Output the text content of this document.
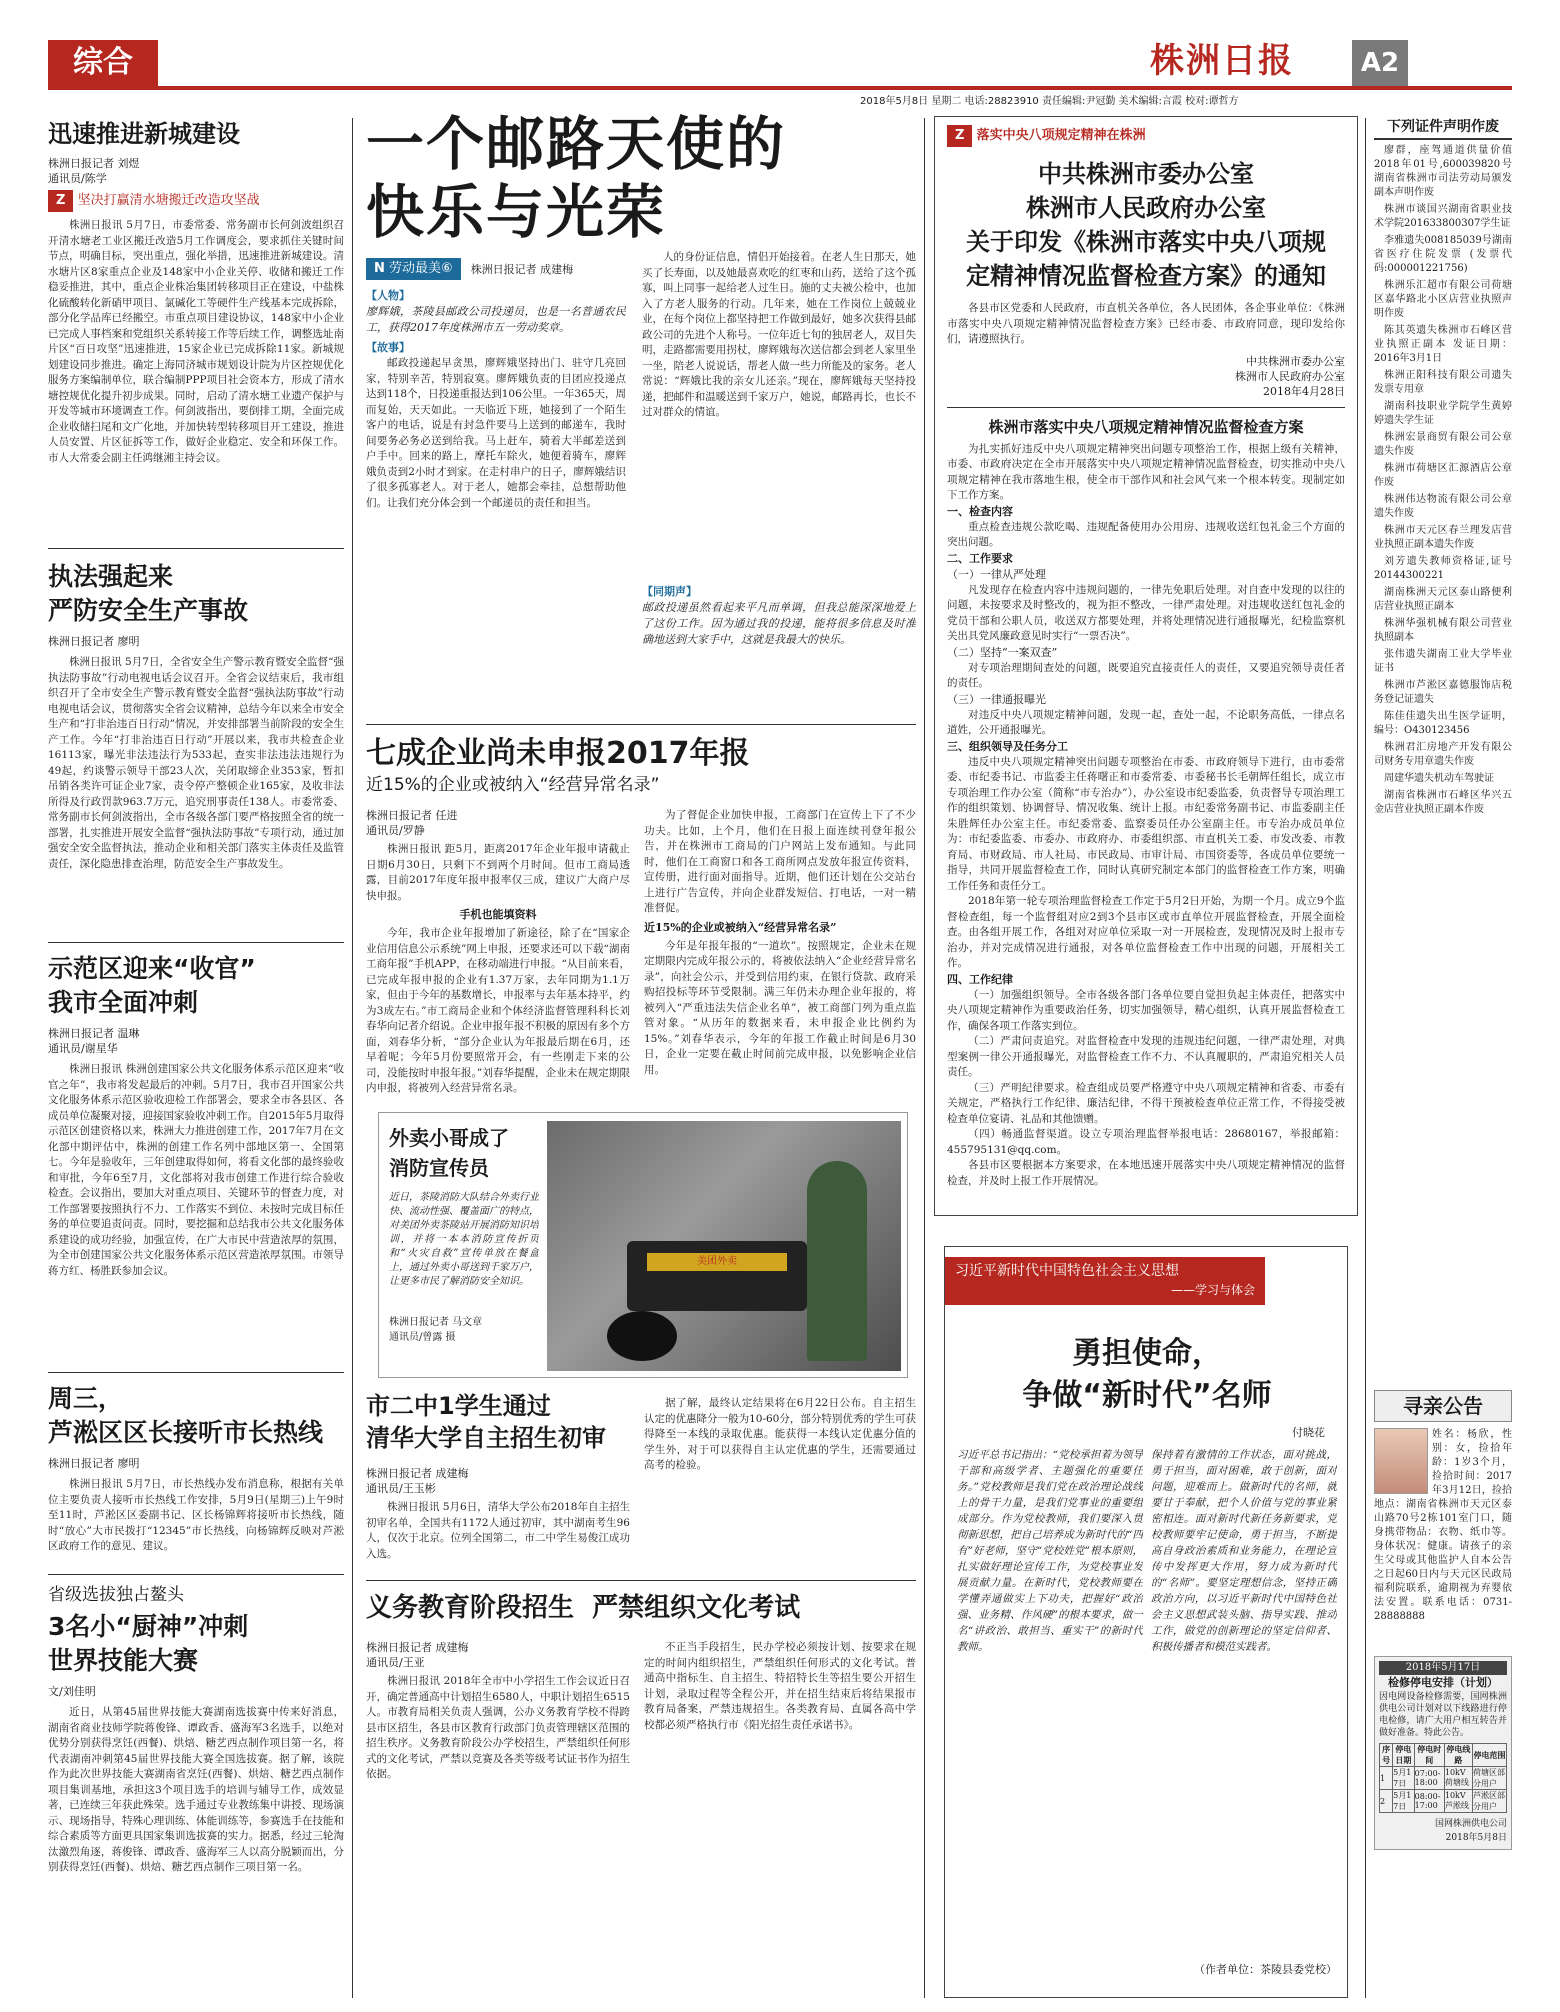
综合	株洲日报	A2
2018年5月8日 星期二 电话:28823910 责任编辑:尹冠勤 美术编辑:言霞 校对:谭哲方
迅速推进新城建设
株洲日报记者 刘煜
通讯员/陈学
Z 坚决打赢清水塘搬迁改造攻坚战
株洲日报讯 5月7日，市委常委、常务副市长何剑波组织召开清水塘老工业区搬迁改造5月工作调度会，要求抓住关键时间节点，明确目标，突出重点，强化举措，迅速推进新城建设。清水塘片区8家重点企业及148家中小企业关停、收储和搬迁工作稳妥推进，其中，重点企业株冶集团转移项目正在建设，中盐株化硫酸转化新硝甲项目、氯碱化工等硬件生产线基本完成拆除，部分化学品库已经搬空。市重点项目建设协议，148家中小企业已完成人事档案和党组织关系转接工作等后续工作，调整选址南片区“百日攻坚”迅速推进，15家企业已完成拆除11家。新城规划建设同步推进。确定上海同济城市规划设计院为片区控规优化服务方案编制单位，联合编制PPP项目社会资本方，形成了清水塘控规优化提升初步成果。同时，启动了清水塘工业遗产保护与开发等城市环境调查工作。何剑波指出，要倒排工期，全面完成企业收储扫尾和文广化地，并加快转型转移项目开工建设，推进人员安置、片区征拆等工作，做好企业稳定、安全和环保工作。市人大常委会副主任鸿继湘主持会议。
执法强起来
严防安全生产事故
株洲日报记者 廖明
株洲日报讯 5月7日，全省安全生产警示教育暨安全监督“强执法防事故”行动电视电话会议召开。全省会议结束后，我市组织召开了全市安全生产警示教育暨安全监督“强执法防事故”行动电视电话会议，贯彻落实全省会议精神，总结今年以来全市安全生产和“打非治违百日行动”情况，并安排部署当前阶段的安全生产工作。今年“打非治违百日行动”开展以来，我市共检查企业16113家，曝光非法违法行为533起，查实非法违法违规行为49起，约谈警示领导干部23人次，关闭取缔企业353家，暂扣吊销各类许可证企业7家，责令停产整顿企业165家，及收非法所得及行政罚款963.7万元，追究刑事责任138人。市委常委、常务副市长何剑波指出，全市各级各部门要严格按照全省的统一部署，扎实推进开展安全监督“强执法防事故”专项行动，通过加强安全安全监督执法，推动企业和相关部门落实主体责任及监管责任，深化隐患排查治理，防范安全生产事故发生。
示范区迎来“收官”
我市全面冲刺
株洲日报记者 温琳
通讯员/谢星华
株洲日报讯 株洲创建国家公共文化服务体系示范区迎来“收官之年”，我市将发起最后的冲刺。5月7日，我市召开国家公共文化服务体系示范区验收迎检工作部署会，要求全市各县区、各成员单位凝聚对接，迎接国家验收冲刺工作。自2015年5月取得示范区创建资格以来，株洲大力推进创建工作，2017年7月在文化部中期评估中，株洲的创建工作名列中部地区第一、全国第七。今年是验收年，三年创建取得如何，将看文化部的最终验收和审批，今年6至7月，文化部将对我市创建工作进行综合验收检查。会议指出，要加大对重点项目、关键环节的督查力度，对工作部署要按照执行不力、工作落实不到位、未按时完成目标任务的单位要追责问责。同时，要挖掘和总结我市公共文化服务体系建设的成功经验，加强宣传，在广大市民中营造浓厚的氛围，为全市创建国家公共文化服务体系示范区营造浓厚氛围。市领导蒋方红、杨胜跃参加会议。
周三，
芦淞区区长接听市长热线
株洲日报记者 廖明
株洲日报讯 5月7日，市长热线办发布消息称，根据有关单位主要负责人接听市长热线工作安排，5月9日(星期三)上午9时至11时，芦淞区区委副书记、区长杨锦辉将接听市长热线，随时“放心”大市民拨打“12345”市长热线，向杨锦辉反映对芦淞区政府工作的意见、建议。
省级选拔独占鳌头
3名小“厨神”冲刺
世界技能大赛
文/刘佳明
近日，从第45届世界技能大赛湖南选拔赛中传来好消息，湖南省商业技师学院蒋俊锋、谭政香、盛海军3名选手，以绝对优势分别获得烹饪(西餐)、烘焙、糖艺西点制作项目第一名，将代表湖南冲刺第45届世界技能大赛全国选拔赛。据了解，该院作为此次世界技能大赛湖南省烹饪(西餐)、烘焙、糖艺西点制作项目集训基地，承担这3个项目选手的培训与辅导工作，成效显著，已连续三年获此殊荣。选手通过专业教练集中讲授、现场演示、现场指导，特殊心理训练、体能训练等，参赛选手在技能和综合素质等方面更具国家集训选拔赛的实力。据悉，经过三轮淘汰激烈角逐，蒋俊锋、谭政香、盛海军三人以高分脱颖而出，分别获得烹饪(西餐)、烘焙、糖艺西点制作三项目第一名。
一个邮路天使的
快乐与光荣
N 劳动最美⑥	株洲日报记者 成建梅
【人物】
廖辉娥，茶陵县邮政公司投递员，也是一名普通农民工，获得2017年度株洲市五一劳动奖章。
【故事】
邮政投递起早贪黑，廖辉娥坚持出门、驻守几亮回家，特别辛苦，特别寂寞。廖辉娥负责的目团应投递点达到118个，日投递重报达到106公里。一年365天，周而复始，天天如此。一天临近下班，她接到了一个陌生客户的电话，说是有封急件要马上送到的邮递车，我时间要务必务必送到给我。马上赶车，骑着大半邮差送到户手中。回来的路上，摩托车除火，她便着骑车，廖辉娥负责到2小时才到家。在走村串户的日子，廖辉娥结识了很多孤寡老人。对于老人，她都会牵挂，总想帮助他们。让我们充分体会到一个邮递员的责任和担当。
人的身份证信息，情侣开始接着。在老人生日那天，她买了长寿面，以及她最喜欢吃的红枣和山药，送给了这个孤寡，叫上同事一起给老人过生日。施的丈夫被公检中，也加入了方老人服务的行动。几年来，她在工作岗位上兢兢业业，在每个岗位上都坚持把工作做到最好，她多次获得县邮政公司的先进个人称号。一位年近七旬的独居老人，双目失明，走路都需要用拐杖，廖辉娥每次送信都会到老人家里坐一坐，陪老人说说话，帮老人做一些力所能及的家务。老人常说：“辉娥比我的亲女儿还亲。”现在，廖辉娥每天坚持投递，把邮件和温暖送到千家万户，她说，邮路再长，也长不过对群众的情谊。
【同期声】
邮政投递虽然看起来平凡而单调，但我总能深深地爱上了这份工作。因为通过我的投递，能将很多信息及时准确地送到大家手中，这就是我最大的快乐。
七成企业尚未申报2017年报
近15%的企业或被纳入“经营异常名录”
株洲日报记者 任进
通讯员/罗静
株洲日报讯 距5月，距离2017年企业年报申请截止日期6月30日，只剩下不到两个月时间。但市工商局透露，目前2017年度年报申报率仅三成，建议广大商户尽快申报。
手机也能填资料
今年，我市企业年报增加了新途径，除了在“国家企业信用信息公示系统”网上申报，还要求还可以下载“湖南工商年报”手机APP，在移动端进行申报。“从目前来看，已完成年报申报的企业有1.37万家，去年同期为1.1万家，但由于今年的基数增长，申报率与去年基本持平，约为3成左右。”市工商局企业和个体经济监督管理科科长刘春华向记者介绍说。企业申报年报不积极的原因有多个方面，刘春华分析，“部分企业认为年报最后期在6月，还早着呢；今年5月份要照常开会，有一些刚走下来的公司，没能按时申报年报。”刘春华提醒，企业未在规定期限内申报，将被列入经营异常名录。
为了督促企业加快申报，工商部门在宣传上下了不少功夫。比如，上个月，他们在日报上面连续刊登年报公告，并在株洲市工商局的门户网站上发布通知。与此同时，他们在工商窗口和各工商所网点发放年报宣传资料，宣传册，进行面对面指导。近期，他们还计划在公交站台上进行广告宣传，并向企业群发短信、打电话，一对一精准督促。
近15%的企业或被纳入“经营异常名录”
今年是年报年报的“一道坎”。按照规定，企业未在规定期限内完成年报公示的，将被依法纳入“企业经营异常名录”，向社会公示，并受到信用约束，在银行贷款、政府采购招投标等环节受限制。满三年仍未办理企业年报的，将被列入“严重违法失信企业名单”，被工商部门列为重点监管对象。“从历年的数据来看，未申报企业比例约为15%。”刘春华表示，今年的年报工作截止时间是6月30日，企业一定要在截止时间前完成申报，以免影响企业信用。
外卖小哥成了
消防宣传员
近日，茶陵消防大队结合外卖行业快、流动性强、覆盖面广的特点，对美团外卖茶陵站开展消防知识培训，并将一本本消防宣传折页和“火灾自救”宣传单放在餐盒上，通过外卖小哥送到千家万户，让更多市民了解消防安全知识。
株洲日报记者 马文章
通讯员/曾露 摄
美团外卖
市二中1学生通过
清华大学自主招生初审
株洲日报记者 成建梅
通讯员/王玉彬
株洲日报讯 5月6日，清华大学公布2018年自主招生初审名单，全国共有1172人通过初审，其中湖南考生96人，仅次于北京。位列全国第二，市二中学生易俊江成功入选。
据了解，最终认定结果将在6月22日公布。自主招生认定的优惠降分一般为10-60分，部分特别优秀的学生可获得降至一本线的录取优惠。能获得一本线认定优惠分值的学生外，对于可以获得自主认定优惠的学生，还需要通过高考的检验。
义务教育阶段招生  严禁组织文化考试
株洲日报记者 成建梅
通讯员/王亚
株洲日报讯 2018年全市中小学招生工作会议近日召开，确定普通高中计划招生6580人，中职计划招生6515人。市教育局相关负责人强调，公办义务教育学校不得跨县市区招生，各县市区教育行政部门负责管理辖区范围的招生秩序。义务教育阶段公办学校招生，严禁组织任何形式的文化考试，严禁以竞赛及各类等级考试证书作为招生依据。
不正当手段招生，民办学校必须按计划、按要求在规定的时间内组织招生，严禁组织任何形式的文化考试。普通高中指标生、自主招生、特招特长生等招生要公开招生计划，录取过程等全程公开，并在招生结束后将结果报市教育局备案，严禁违规招生。各类教育局、直属各高中学校都必须严格执行市《阳光招生责任承诺书》。
Z 落实中央八项规定精神在株洲
中共株洲市委办公室
株洲市人民政府办公室
关于印发《株洲市落实中央八项规
定精神情况监督检查方案》的通知
各县市区党委和人民政府，市直机关各单位，各人民团体，各企事业单位：《株洲市落实中央八项规定精神情况监督检查方案》已经市委、市政府同意，现印发给你们，请遵照执行。
中共株洲市委办公室
株洲市人民政府办公室
2018年4月28日
株洲市落实中央八项规定精神情况监督检查方案
为扎实抓好违反中央八项规定精神突出问题专项整治工作，根据上级有关精神，市委、市政府决定在全市开展落实中央八项规定精神情况监督检查，切实推动中央八项规定精神在我市落地生根，使全市干部作风和社会风气来一个根本转变。现制定如下工作方案。
一、检查内容
重点检查违规公款吃喝、违规配备使用办公用房、违规收送红包礼金三个方面的突出问题。
二、工作要求
（一）一律从严处理
凡发现存在检查内容中违规问题的，一律先免职后处理。对自查中发现的以往的问题，未按要求及时整改的，视为拒不整改，一律严肃处理。对违规收送红包礼金的党员干部和公职人员，收送双方都要处理，并将处理情况进行通报曝光，纪检监察机关出具党风廉政意见时实行“一票否决”。
（二）坚持“一案双查”
对专项治理期间查处的问题，既要追究直接责任人的责任，又要追究领导责任者的责任。
（三）一律通报曝光
对违反中央八项规定精神问题，发现一起，查处一起，不论职务高低，一律点名道姓，公开通报曝光。
三、组织领导及任务分工
违反中央八项规定精神突出问题专项整治在市委、市政府领导下进行，由市委常委、市纪委书记、市监委主任蒋曙正和市委常委、市委秘书长毛朝辉任组长，成立市专项治理工作办公室（简称“市专治办”），办公室设市纪委监委，负责督导专项治理工作的组织策划、协调督导、情况收集、统计上报。市纪委常务副书记、市监委副主任朱胜辉任办公室主任。市纪委常委、监察委员任办公室副主任。市专治办成员单位为：市纪委监委、市委办、市政府办、市委组织部、市直机关工委、市发改委、市教育局、市财政局、市人社局、市民政局、市审计局、市国资委等，各成员单位要统一指导，共同开展监督检查工作，同时认真研究制定本部门的监督检查工作方案，明确工作任务和责任分工。
2018年第一轮专项治理监督检查工作定于5月2日开始，为期一个月。成立9个监督检查组，每一个监督组对应2到3个县市区或市直单位开展监督检查，开展全面检查。由各组开展工作，各组对对应单位采取一对一开展检查，发现情况及时上报市专治办，并对完成情况进行通报，对各单位监督检查工作中出现的问题，开展相关工作。
四、工作纪律
（一）加强组织领导。全市各级各部门各单位要自觉担负起主体责任，把落实中央八项规定精神作为重要政治任务，切实加强领导，精心组织，认真开展监督检查工作，确保各项工作落实到位。
（二）严肃问责追究。对监督检查中发现的违规违纪问题，一律严肃处理，对典型案例一律公开通报曝光，对监督检查工作不力、不认真履职的，严肃追究相关人员责任。
（三）严明纪律要求。检查组成员要严格遵守中央八项规定精神和省委、市委有关规定，严格执行工作纪律、廉洁纪律，不得干预被检查单位正常工作，不得接受被检查单位宴请、礼品和其他馈赠。
（四）畅通监督渠道。设立专项治理监督举报电话：28680167，举报邮箱：455795131@qq.com。
各县市区要根据本方案要求，在本地迅速开展落实中央八项规定精神情况的监督检查，并及时上报工作开展情况。
习近平新时代中国特色社会主义思想
——学习与体会
勇担使命，
争做“新时代”名师
付晓花
习近平总书记指出：“党校承担着为领导干部和高级学者、主题强化的重要任务。”党校教师是我们党在政治理论战线上的骨干力量，是我们党事业的重要组成部分。作为党校教师，我们要深入贯彻新思想，把自己培养成为新时代的“四有”好老师，坚守“党校姓党”根本原则，扎实做好理论宣传工作，为党校事业发展贡献力量。在新时代，党校教师要在学懂弄通做实上下功夫，把握好“政治强、业务精、作风硬”的根本要求，做一名“讲政治、敢担当、重实干”的新时代教师。
保持着有激情的工作状态，面对挑战，勇于担当，面对困难，敢于创新，面对问题，迎难而上。做新时代的名师，就要甘于奉献，把个人价值与党的事业紧密相连。面对新时代新任务新要求，党校教师要牢记使命，勇于担当，不断提高自身政治素质和业务能力，在理论宣传中发挥更大作用，努力成为新时代的“名师”。要坚定理想信念，坚持正确政治方向，以习近平新时代中国特色社会主义思想武装头脑、指导实践、推动工作，做党的创新理论的坚定信仰者、积极传播者和模范实践者。
（作者单位：茶陵县委党校）
下列证件声明作废
廖群，座驾通道供量价值2018年01号,600039820号湖南省株洲市司法劳动局颁发副本声明作废
株洲市谈国兴湖南省职业技术学院201633800307学生证
李雅遗失008185039号湖南省医疗住院发票 (发票代码:000001221756)
株洲乐汇超市有限公司荷塘区嘉华路北小区店营业执照声明作废
陈其英遗失株洲市石峰区营业执照正副本 发证日期：2016年3月1日
株洲正阳科技有限公司遗失发票专用章
湖南科技职业学院学生黄婷婷遗失学生证
株洲宏景商贸有限公司公章遗失作废
株洲市荷塘区汇源酒店公章作废
株洲伟达物流有限公司公章遗失作废
株洲市天元区春兰理发店营业执照正副本遗失作废
刘芳遗失教师资格证,证号20144300221
湖南株洲天元区泰山路便利店营业执照正副本
株洲华强机械有限公司营业执照副本
张伟遗失湖南工业大学毕业证书
株洲市芦淞区嘉德服饰店税务登记证遗失
陈佳佳遗失出生医学证明，编号：O430123456
株洲君汇房地产开发有限公司财务专用章遗失作废
周建华遗失机动车驾驶证
湖南省株洲市石峰区华兴五金店营业执照正副本作废
寻亲公告
姓名：杨欣，性别：女，捡拾年龄：1岁3个月，捡拾时间：2017年3月12日，捡拾地点：湖南省株洲市天元区泰山路70号2栋101室门口，随身携带物品：衣物、纸巾等。身体状况：健康。请孩子的亲生父母或其他监护人自本公告之日起60日内与天元区民政局福利院联系，逾期视为弃婴依法安置。联系电话：0731-28888888
2018年5月17日
检修停电安排（计划）
因电网设备检修需要，国网株洲供电公司计划对以下线路进行停电检修，请广大用户相互转告并做好准备。特此公告。
序号	停电日期	停电时间	停电线路	停电范围
1	5月17日	07:00-18:00	10kV荷塘线	荷塘区部分用户
2	5月17日	08:00-17:00	10kV芦淞线	芦淞区部分用户
国网株洲供电公司
2018年5月8日
